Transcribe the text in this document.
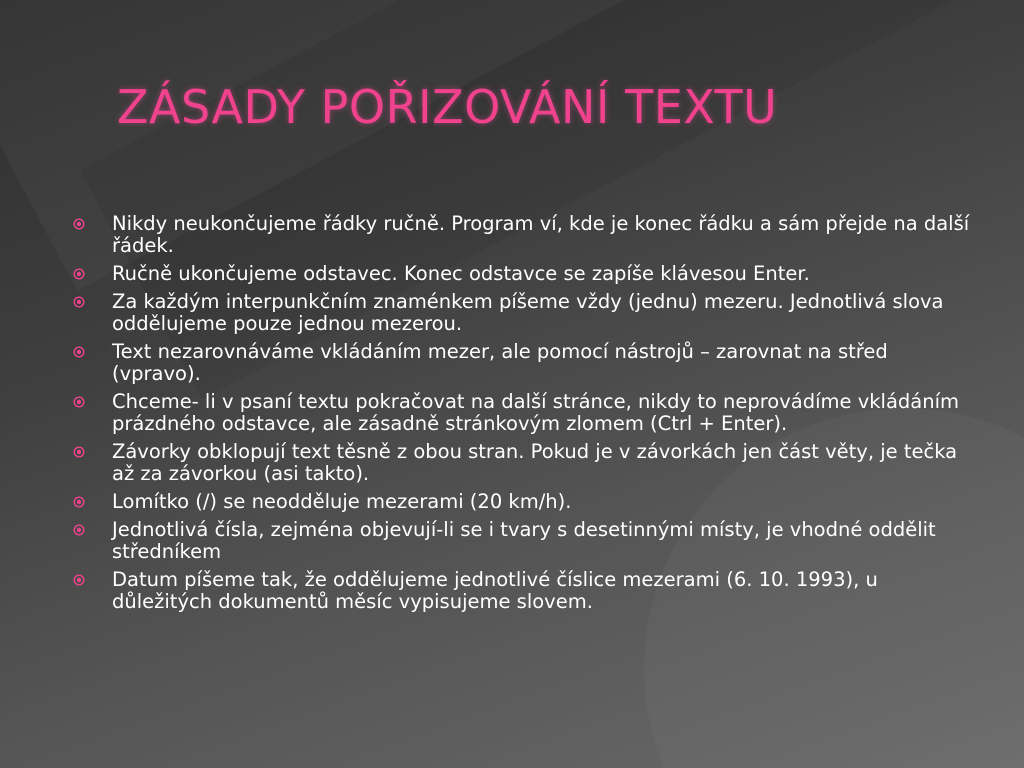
ZÁSADY POŘIZOVÁNÍ TEXTU
Nikdy neukončujeme řádky ručně. Program ví, kde je konec řádku a sám přejde na další řádek.
Ručně ukončujeme odstavec. Konec odstavce se zapíše klávesou Enter.
Za každým interpunkčním znaménkem píšeme vždy (jednu) mezeru. Jednotlivá slova oddělujeme pouze jednou mezerou.
Text nezarovnáváme vkládáním mezer, ale pomocí nástrojů – zarovnat na střed (vpravo).
Chceme- li v psaní textu pokračovat na další stránce, nikdy to neprovádíme vkládáním prázdného odstavce, ale zásadně stránkovým zlomem (Ctrl + Enter).
Závorky obklopují text těsně z obou stran. Pokud je v závorkách jen část věty, je tečka až za závorkou (asi takto).
Lomítko (/) se neodděluje mezerami (20 km/h).
Jednotlivá čísla, zejména objevují-li se i tvary s desetinnými místy, je vhodné oddělit středníkem
Datum píšeme tak, že oddělujeme jednotlivé číslice mezerami (6. 10. 1993), u důležitých dokumentů měsíc vypisujeme slovem.
